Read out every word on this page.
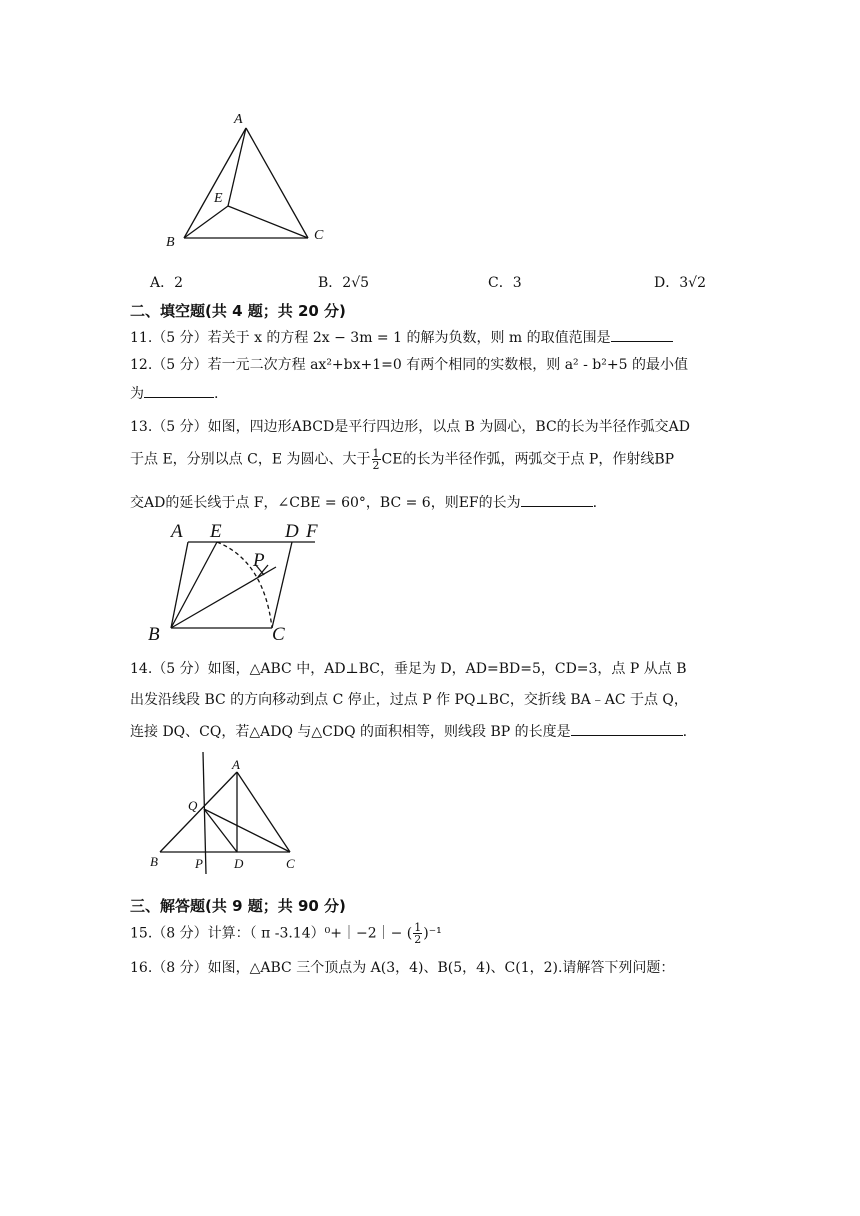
A
E
B	C
A．2	B．2√5	C．3	D．3√2
二、填空题(共 4 题；共 20 分)
11.（5 分）若关于 x 的方程 2x − 3m = 1 的解为负数，则 m 的取值范围是
12.（5 分）若一元二次方程 ax²+bx+1=0 有两个相同的实数根，则 a² - b²+5 的最小值
为	.
13.（5 分）如图，四边形ABCD是平行四边形，以点 B 为圆心，BC的长为半径作弧交AD
于点 E，分别以点 C，E 为圆心、大于 $\frac{1}{2}$ CE的长为半径作弧，两弧交于点 P，作射线BP
交AD的延长线于点 F，∠CBE = 60°，BC = 6，则EF的长为	.
A E	D F
P
B	C
14.（5 分）如图，△ABC 中，AD⊥BC，垂足为 D，AD=BD=5，CD=3，点 P 从点 B
出发沿线段 BC 的方向移动到点 C 停止，过点 P 作 PQ⊥BC，交折线 BA﹣AC 于点 Q，
连接 DQ、CQ，若△ADQ 与△CDQ 的面积相等，则线段 BP 的长度是	.
A
Q
B	P D	C
三、解答题(共 9 题；共 90 分)
15.（8 分）计算：（ π -3.14）⁰+｜−2｜− ( $\frac{1}{2} )^{-1}$
16.（8 分）如图，△ABC 三个顶点为 A(3，4)、B(5，4)、C(1，2).请解答下列问题：
